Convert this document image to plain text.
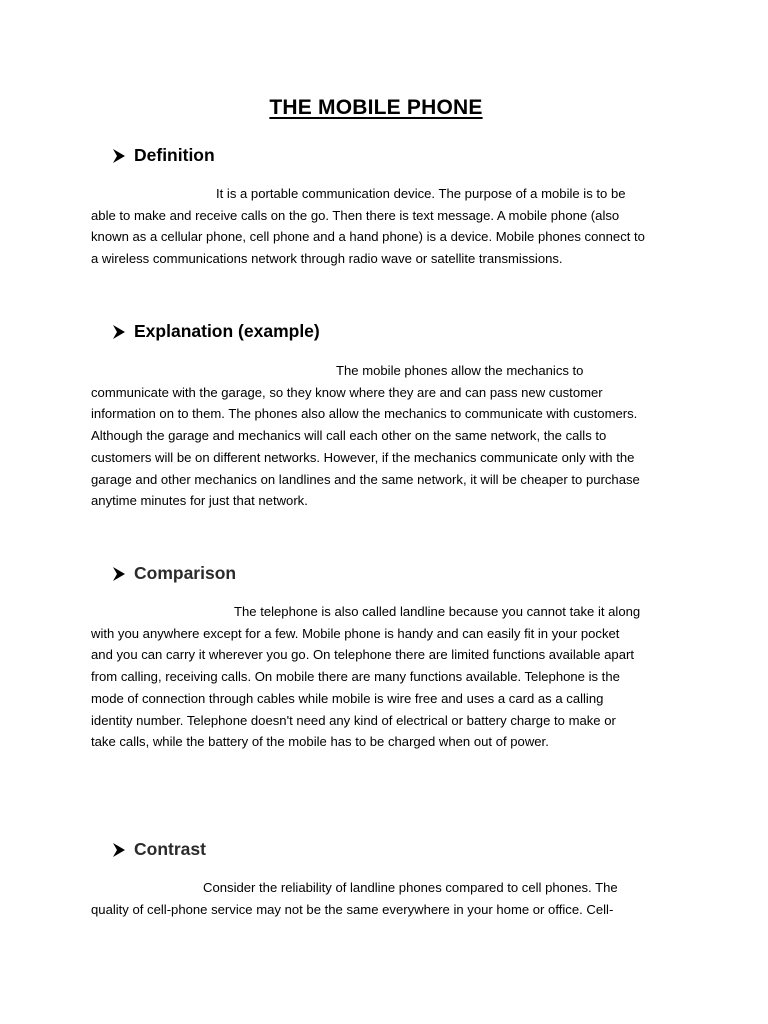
THE MOBILE PHONE
Definition

It is a portable communication device. The purpose of a mobile is to be
able to make and receive calls on the go. Then there is text message. A mobile phone (also
known as a cellular phone, cell phone and a hand phone) is a device. Mobile phones connect to
a wireless communications network through radio wave or satellite transmissions.

Explanation (example)

The mobile phones allow the mechanics to
communicate with the garage, so they know where they are and can pass new customer
information on to them. The phones also allow the mechanics to communicate with customers.
Although the garage and mechanics will call each other on the same network, the calls to
customers will be on different networks. However, if the mechanics communicate only with the
garage and other mechanics on landlines and the same network, it will be cheaper to purchase
anytime minutes for just that network.

Comparison

The telephone is also called landline because you cannot take it along
with you anywhere except for a few. Mobile phone is handy and can easily fit in your pocket
and you can carry it wherever you go. On telephone there are limited functions available apart
from calling, receiving calls. On mobile there are many functions available. Telephone is the
mode of connection through cables while mobile is wire free and uses a card as a calling
identity number. Telephone doesn't need any kind of electrical or battery charge to make or
take calls, while the battery of the mobile has to be charged when out of power.

Contrast

Consider the reliability of landline phones compared to cell phones. The
quality of cell-phone service may not be the same everywhere in your home or office. Cell-
